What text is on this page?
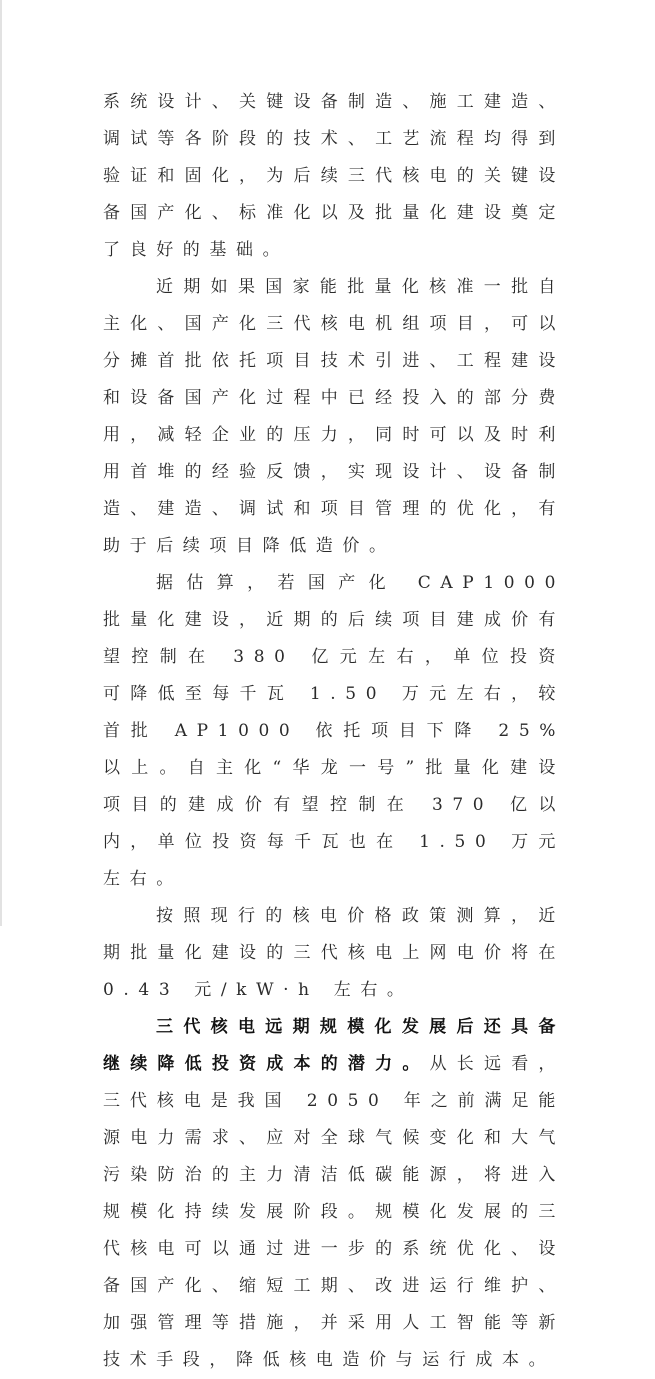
系统设计、关键设备制造、施工建造、调试等各阶段的技术、工艺流程均得到验证和固化，为后续三代核电的关键设备国产化、标准化以及批量化建设奠定了良好的基础。

近期如果国家能批量化核准一批自主化、国产化三代核电机组项目，可以分摊首批依托项目技术引进、工程建设和设备国产化过程中已经投入的部分费用，减轻企业的压力，同时可以及时利用首堆的经验反馈，实现设计、设备制造、建造、调试和项目管理的优化，有助于后续项目降低造价。

据估算，若国产化 CAP1000 批量化建设，近期的后续项目建成价有望控制在 380 亿元左右，单位投资可降低至每千瓦 1.50 万元左右，较首批 AP1000 依托项目下降 25%以上。自主化“华龙一号”批量化建设项目的建成价有望控制在 370 亿以内，单位投资每千瓦也在 1.50 万元左右。

按照现行的核电价格政策测算，近期批量化建设的三代核电上网电价将在 0.43 元/kW·h 左右。

三代核电远期规模化发展后还具备继续降低投资成本的潜力。从长远看，三代核电是我国 2050 年之前满足能源电力需求、应对全球气候变化和大气污染防治的主力清洁低碳能源，将进入规模化持续发展阶段。规模化发展的三代核电可以通过进一步的系统优化、设备国产化、缩短工期、改进运行维护、加强管理等措施，并采用人工智能等新技术手段，降低核电造价与运行成本。
